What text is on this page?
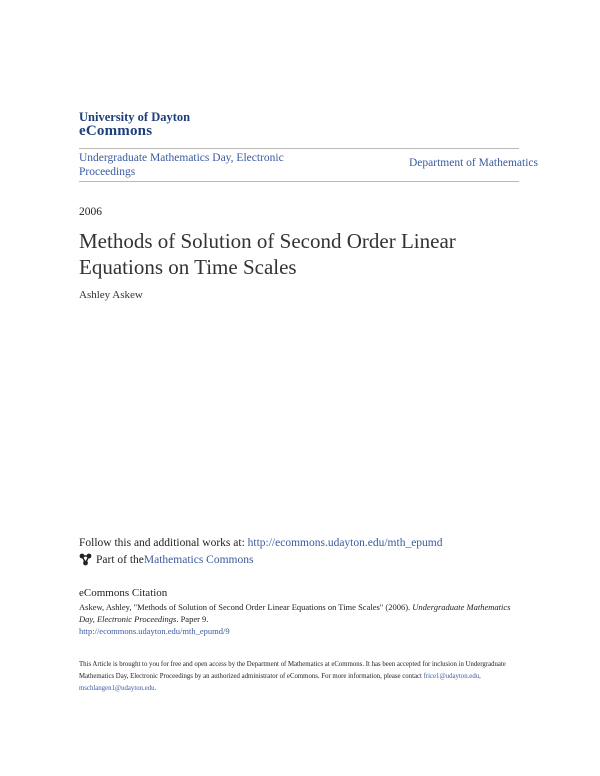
University of Dayton
eCommons
Undergraduate Mathematics Day, Electronic Proceedings
Department of Mathematics
2006
Methods of Solution of Second Order Linear Equations on Time Scales
Ashley Askew
Follow this and additional works at: http://ecommons.udayton.edu/mth_epumd
Part of the Mathematics Commons
eCommons Citation
Askew, Ashley, "Methods of Solution of Second Order Linear Equations on Time Scales" (2006). Undergraduate Mathematics Day, Electronic Proceedings. Paper 9.
http://ecommons.udayton.edu/mth_epumd/9
This Article is brought to you for free and open access by the Department of Mathematics at eCommons. It has been accepted for inclusion in Undergraduate Mathematics Day, Electronic Proceedings by an authorized administrator of eCommons. For more information, please contact frice1@udayton.edu, mschlangen1@udayton.edu.
